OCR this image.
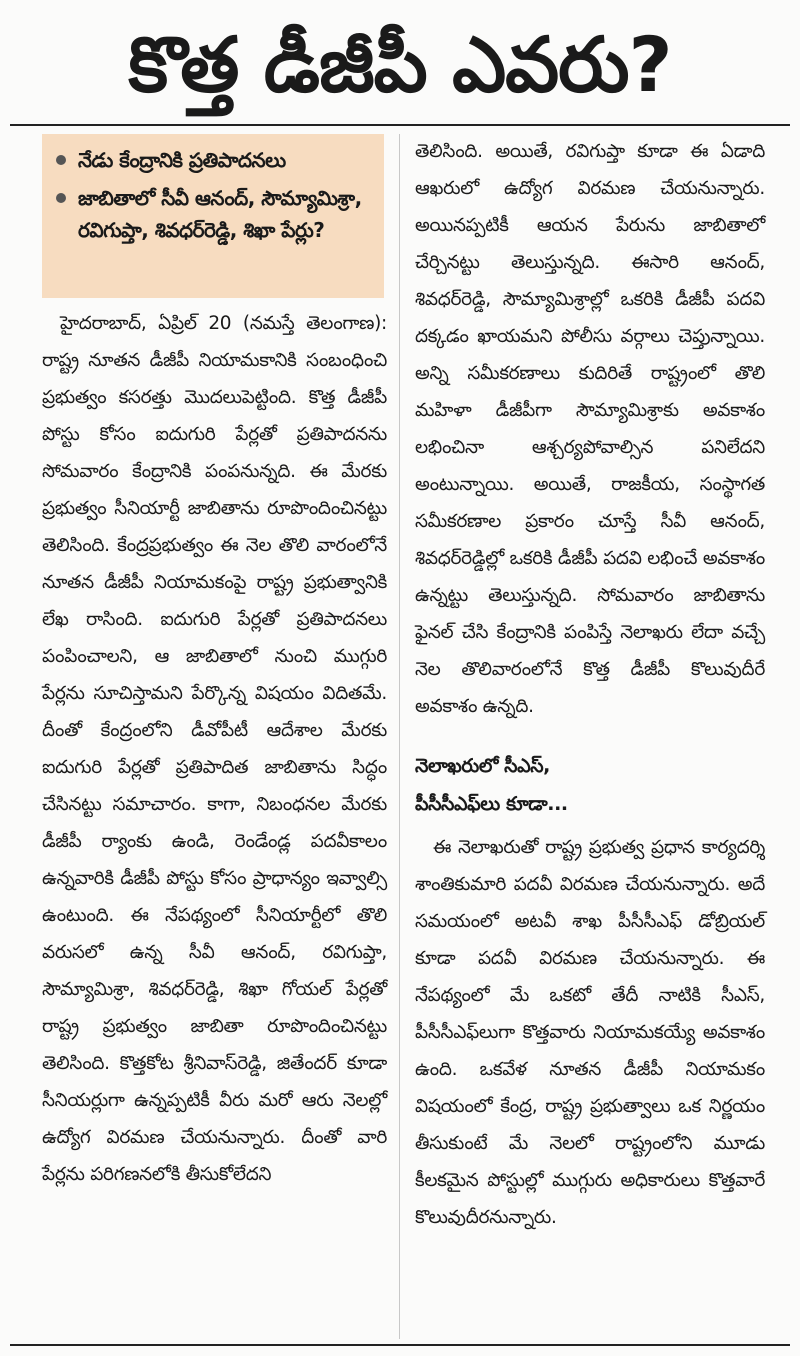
కొత్త డీజీపీ ఎవరు?
నేడు కేంద్రానికి ప్రతిపాదనలు
జాబితాలో సీవీ ఆనంద్, సౌమ్యామిశ్రా, రవిగుప్తా, శివధర్‌రెడ్డి, శిఖా పేర్లు?

హైదరాబాద్, ఏప్రిల్ 20 (నమస్తే తెలంగాణ): రాష్ట్ర నూతన డీజీపీ నియామకానికి సంబంధించి ప్రభుత్వం కసరత్తు మొదలుపెట్టింది. కొత్త డీజీపీ పోస్టు కోసం ఐదుగురి పేర్లతో ప్రతిపాదనను సోమవారం కేంద్రానికి పంపనున్నది. ఈ మేరకు ప్రభుత్వం సీనియార్టీ జాబితాను రూపొందించినట్టు తెలిసింది. కేంద్రప్రభుత్వం ఈ నెల తొలి వారంలోనే నూతన డీజీపీ నియామకంపై రాష్ట్ర ప్రభుత్వానికి లేఖ రాసింది. ఐదుగురి పేర్లతో ప్రతిపాదనలు పంపించాలని, ఆ జాబితాలో నుంచి ముగ్గురి పేర్లను సూచిస్తామని పేర్కొన్న విషయం విదితమే. దీంతో కేంద్రంలోని డీవోపీటీ ఆదేశాల మేరకు ఐదుగురి పేర్లతో ప్రతిపాదిత జాబితాను సిద్ధం చేసినట్టు సమాచారం. కాగా, నిబంధనల మేరకు డీజీపీ ర్యాంకు ఉండి, రెండేండ్ల పదవీకాలం ఉన్నవారికి డీజీపీ పోస్టు కోసం ప్రాధాన్యం ఇవ్వాల్సి ఉంటుంది. ఈ నేపథ్యంలో సీనియార్టీలో తొలి వరుసలో ఉన్న సీవీ ఆనంద్, రవిగుప్తా, సౌమ్యామిశ్రా, శివధర్‌రెడ్డి, శిఖా గోయల్ పేర్లతో రాష్ట్ర ప్రభుత్వం జాబితా రూపొందించినట్టు తెలిసింది. కొత్తకోట శ్రీనివాస్‌రెడ్డి, జితేందర్ కూడా సీనియర్లుగా ఉన్నప్పటికీ వీరు మరో ఆరు నెలల్లో ఉద్యోగ విరమణ చేయనున్నారు. దీంతో వారి పేర్లను పరిగణనలోకి తీసుకోలేదని

తెలిసింది. అయితే, రవిగుప్తా కూడా ఈ ఏడాది ఆఖరులో ఉద్యోగ విరమణ చేయనున్నారు. అయినప్పటికీ ఆయన పేరును జాబితాలో చేర్చినట్టు తెలుస్తున్నది. ఈసారి ఆనంద్, శివధర్‌రెడ్డి, సౌమ్యామిశ్రాల్లో ఒకరికి డీజీపీ పదవి దక్కడం ఖాయమని పోలీసు వర్గాలు చెప్తున్నాయి. అన్ని సమీకరణాలు కుదిరితే రాష్ట్రంలో తొలి మహిళా డీజీపీగా సౌమ్యామిశ్రాకు అవకాశం లభించినా ఆశ్చర్యపోవాల్సిన పనిలేదని అంటున్నాయి. అయితే, రాజకీయ, సంస్థాగత సమీకరణాల ప్రకారం చూస్తే సీవీ ఆనంద్, శివధర్‌రెడ్డిల్లో ఒకరికి డీజీపీ పదవి లభించే అవకాశం ఉన్నట్టు తెలుస్తున్నది. సోమవారం జాబితాను ఫైనల్ చేసి కేంద్రానికి పంపిస్తే నెలాఖరు లేదా వచ్చే నెల తొలివారంలోనే కొత్త డీజీపీ కొలువుదీరే అవకాశం ఉన్నది.

నెలాఖరులో సీఎస్,
పీసీసీఎఫ్‌లు కూడా...

ఈ నెలాఖరుతో రాష్ట్ర ప్రభుత్వ ప్రధాన కార్యదర్శి శాంతికుమారి పదవీ విరమణ చేయనున్నారు. అదే సమయంలో అటవీ శాఖ పీసీసీఎఫ్ డోబ్రియల్ కూడా పదవీ విరమణ చేయనున్నారు. ఈ నేపథ్యంలో మే ఒకటో తేదీ నాటికి సీఎస్, పీసీసీఎఫ్‌లుగా కొత్తవారు నియామకయ్యే అవకాశం ఉంది. ఒకవేళ నూతన డీజీపీ నియామకం విషయంలో కేంద్ర, రాష్ట్ర ప్రభుత్వాలు ఒక నిర్ణయం తీసుకుంటే మే నెలలో రాష్ట్రంలోని మూడు కీలకమైన పోస్టుల్లో ముగ్గురు అధికారులు కొత్తవారే కొలువుదీరనున్నారు.
